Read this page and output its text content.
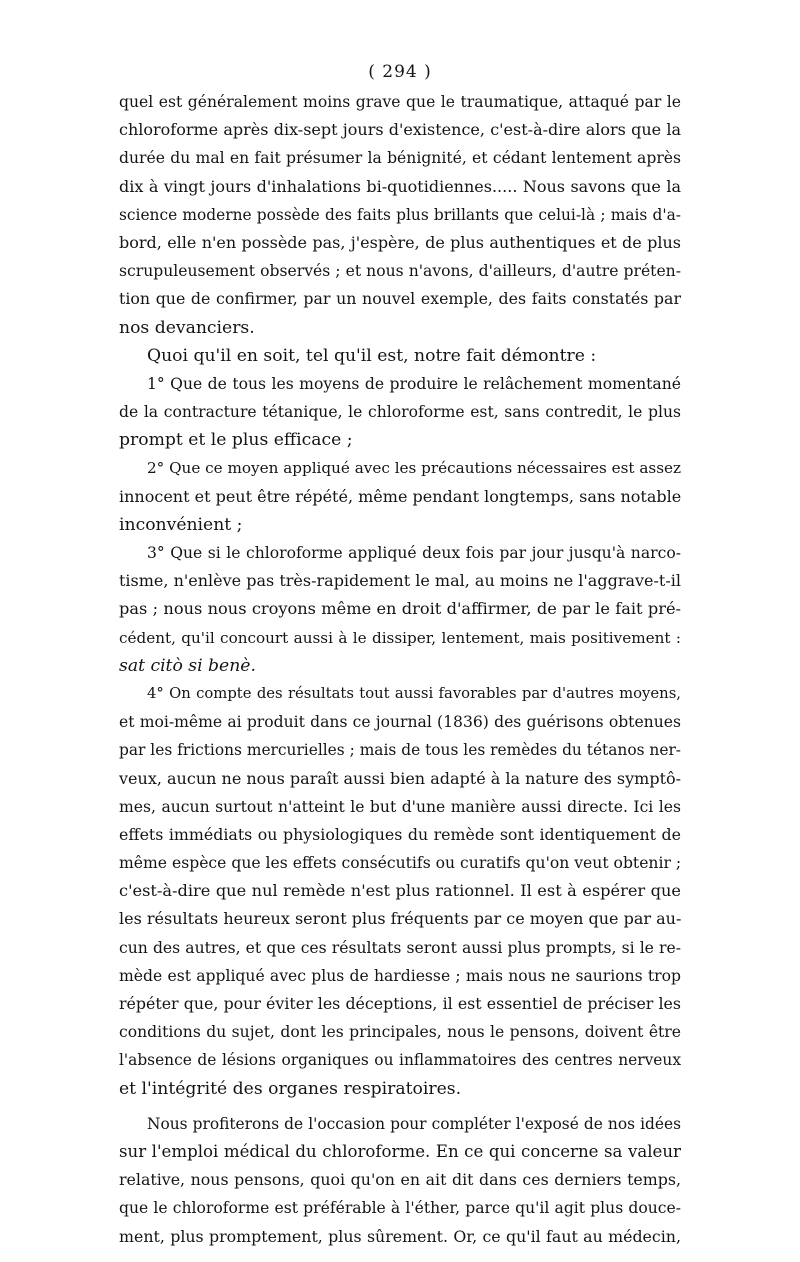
( 294 )
quel est généralement moins grave que le traumatique, attaqué par le
chloroforme après dix-sept jours d'existence, c'est-à-dire alors que la
durée du mal en fait présumer la bénignité, et cédant lentement après
dix à vingt jours d'inhalations bi-quotidiennes..... Nous savons que la
science moderne possède des faits plus brillants que celui-là ; mais d'a-
bord, elle n'en possède pas, j'espère, de plus authentiques et de plus
scrupuleusement observés ; et nous n'avons, d'ailleurs, d'autre préten-
tion que de confirmer, par un nouvel exemple, des faits constatés par
nos devanciers.
Quoi qu'il en soit, tel qu'il est, notre fait démontre :
1° Que de tous les moyens de produire le relâchement momentané
de la contracture tétanique, le chloroforme est, sans contredit, le plus
prompt et le plus efficace ;
2° Que ce moyen appliqué avec les précautions nécessaires est assez
innocent et peut être répété, même pendant longtemps, sans notable
inconvénient ;
3° Que si le chloroforme appliqué deux fois par jour jusqu'à narco-
tisme, n'enlève pas très-rapidement le mal, au moins ne l'aggrave-t-il
pas ; nous nous croyons même en droit d'affirmer, de par le fait pré-
cédent, qu'il concourt aussi à le dissiper, lentement, mais positivement :
sat citò si benè.
4° On compte des résultats tout aussi favorables par d'autres moyens,
et moi-même ai produit dans ce journal (1836) des guérisons obtenues
par les frictions mercurielles ; mais de tous les remèdes du tétanos ner-
veux, aucun ne nous paraît aussi bien adapté à la nature des symptô-
mes, aucun surtout n'atteint le but d'une manière aussi directe. Ici les
effets immédiats ou physiologiques du remède sont identiquement de
même espèce que les effets consécutifs ou curatifs qu'on veut obtenir ;
c'est-à-dire que nul remède n'est plus rationnel. Il est à espérer que
les résultats heureux seront plus fréquents par ce moyen que par au-
cun des autres, et que ces résultats seront aussi plus prompts, si le re-
mède est appliqué avec plus de hardiesse ; mais nous ne saurions trop
répéter que, pour éviter les déceptions, il est essentiel de préciser les
conditions du sujet, dont les principales, nous le pensons, doivent être
l'absence de lésions organiques ou inflammatoires des centres nerveux
et l'intégrité des organes respiratoires.
Nous profiterons de l'occasion pour compléter l'exposé de nos idées
sur l'emploi médical du chloroforme. En ce qui concerne sa valeur
relative, nous pensons, quoi qu'on en ait dit dans ces derniers temps,
que le chloroforme est préférable à l'éther, parce qu'il agit plus douce-
ment, plus promptement, plus sûrement. Or, ce qu'il faut au médecin,
